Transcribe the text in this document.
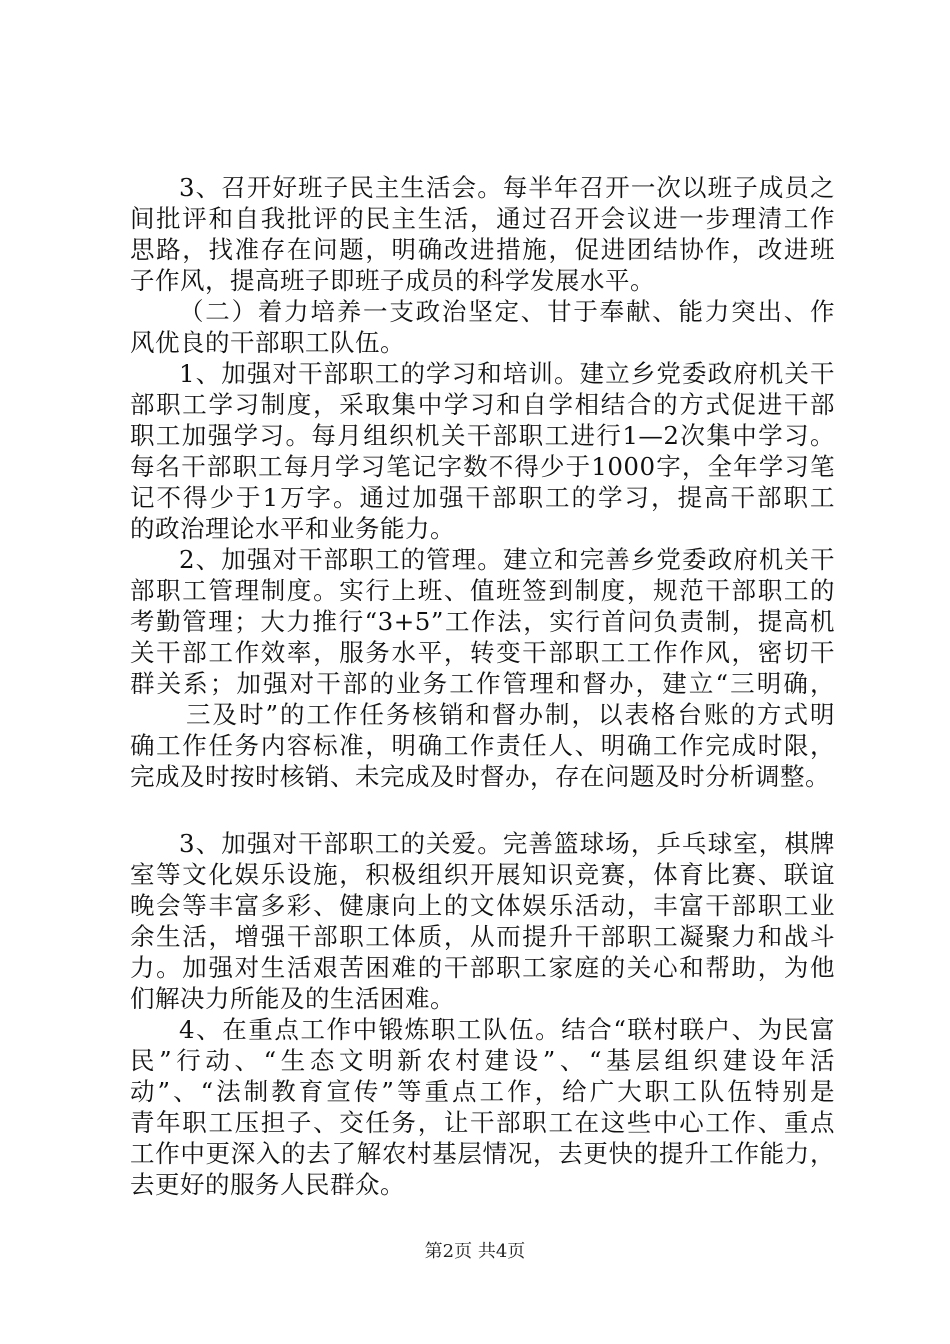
3、召开好班子民主生活会。每半年召开一次以班子成员之
间批评和自我批评的民主生活，通过召开会议进一步理清工作
思路，找准存在问题，明确改进措施，促进团结协作，改进班
子作风，提高班子即班子成员的科学发展水平。
（二）着力培养一支政治坚定、甘于奉献、能力突出、作
风优良的干部职工队伍。
1、加强对干部职工的学习和培训。建立乡党委政府机关干
部职工学习制度，采取集中学习和自学相结合的方式促进干部
职工加强学习。每月组织机关干部职工进行1—2次集中学习。
每名干部职工每月学习笔记字数不得少于1000字，全年学习笔
记不得少于1万字。通过加强干部职工的学习，提高干部职工
的政治理论水平和业务能力。
2、加强对干部职工的管理。建立和完善乡党委政府机关干
部职工管理制度。实行上班、值班签到制度，规范干部职工的
考勤管理；大力推行“3+5”工作法，实行首问负责制，提高机
关干部工作效率，服务水平，转变干部职工工作作风，密切干
群关系；加强对干部的业务工作管理和督办，建立“三明确，
三及时”的工作任务核销和督办制，以表格台账的方式明
确工作任务内容标准，明确工作责任人、明确工作完成时限，
完成及时按时核销、未完成及时督办，存在问题及时分析调整。
3、加强对干部职工的关爱。完善篮球场，乒乓球室，棋牌
室等文化娱乐设施，积极组织开展知识竞赛，体育比赛、联谊
晚会等丰富多彩、健康向上的文体娱乐活动，丰富干部职工业
余生活，增强干部职工体质，从而提升干部职工凝聚力和战斗
力。加强对生活艰苦困难的干部职工家庭的关心和帮助，为他
们解决力所能及的生活困难。
4、在重点工作中锻炼职工队伍。结合“联村联户、为民富
民”行动、“生态文明新农村建设”、“基层组织建设年活
动”、“法制教育宣传”等重点工作，给广大职工队伍特别是
青年职工压担子、交任务，让干部职工在这些中心工作、重点
工作中更深入的去了解农村基层情况，去更快的提升工作能力，
去更好的服务人民群众。
第2页 共4页
